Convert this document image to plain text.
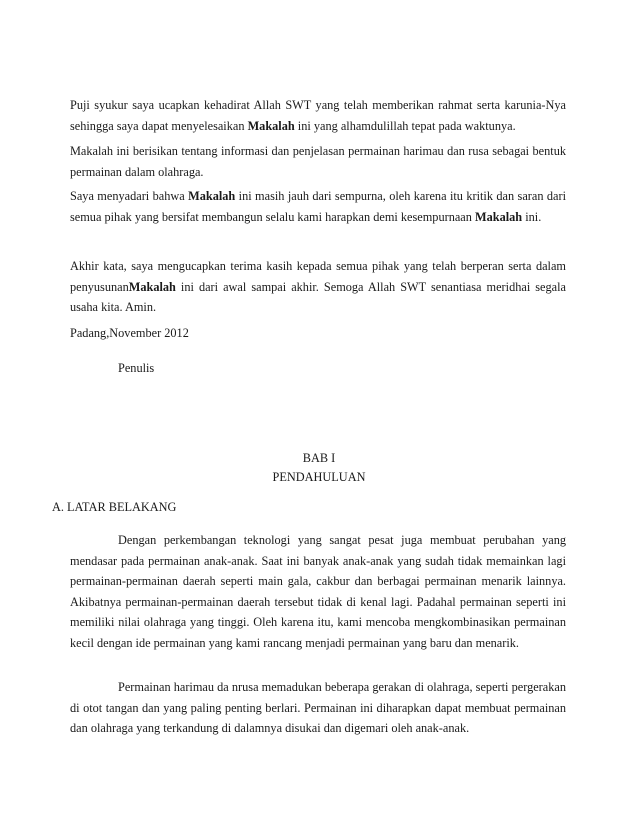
Puji syukur saya ucapkan kehadirat Allah SWT yang telah memberikan rahmat serta karunia-Nya sehingga saya dapat menyelesaikan Makalah ini yang alhamdulillah tepat pada waktunya.
Makalah ini berisikan tentang informasi dan penjelasan permainan harimau dan rusa sebagai bentuk permainan dalam olahraga.
Saya menyadari bahwa Makalah ini masih jauh dari sempurna, oleh karena itu kritik dan saran dari semua pihak yang bersifat membangun selalu kami harapkan demi kesempurnaan Makalah ini.
Akhir kata, saya mengucapkan terima kasih kepada semua pihak yang telah berperan serta dalam penyusunanMakalah ini dari awal sampai akhir. Semoga Allah SWT senantiasa meridhai segala usaha kita. Amin.
Padang,November 2012
Penulis
BAB I
PENDAHULUAN
A. LATAR BELAKANG
Dengan perkembangan teknologi yang sangat pesat juga membuat perubahan yang mendasar pada permainan anak-anak. Saat ini banyak anak-anak yang sudah tidak memainkan lagi permainan-permainan daerah seperti main gala, cakbur dan berbagai permainan menarik lainnya. Akibatnya permainan-permainan daerah tersebut tidak di kenal lagi. Padahal permainan seperti ini memiliki nilai olahraga yang tinggi. Oleh karena itu, kami mencoba mengkombinasikan permainan kecil dengan ide permainan yang kami rancang menjadi permainan yang baru dan menarik.
Permainan harimau da nrusa memadukan beberapa gerakan di olahraga, seperti pergerakan di otot tangan dan yang paling penting berlari. Permainan ini diharapkan dapat membuat permainan dan olahraga yang terkandung di dalamnya disukai dan digemari oleh anak-anak.
